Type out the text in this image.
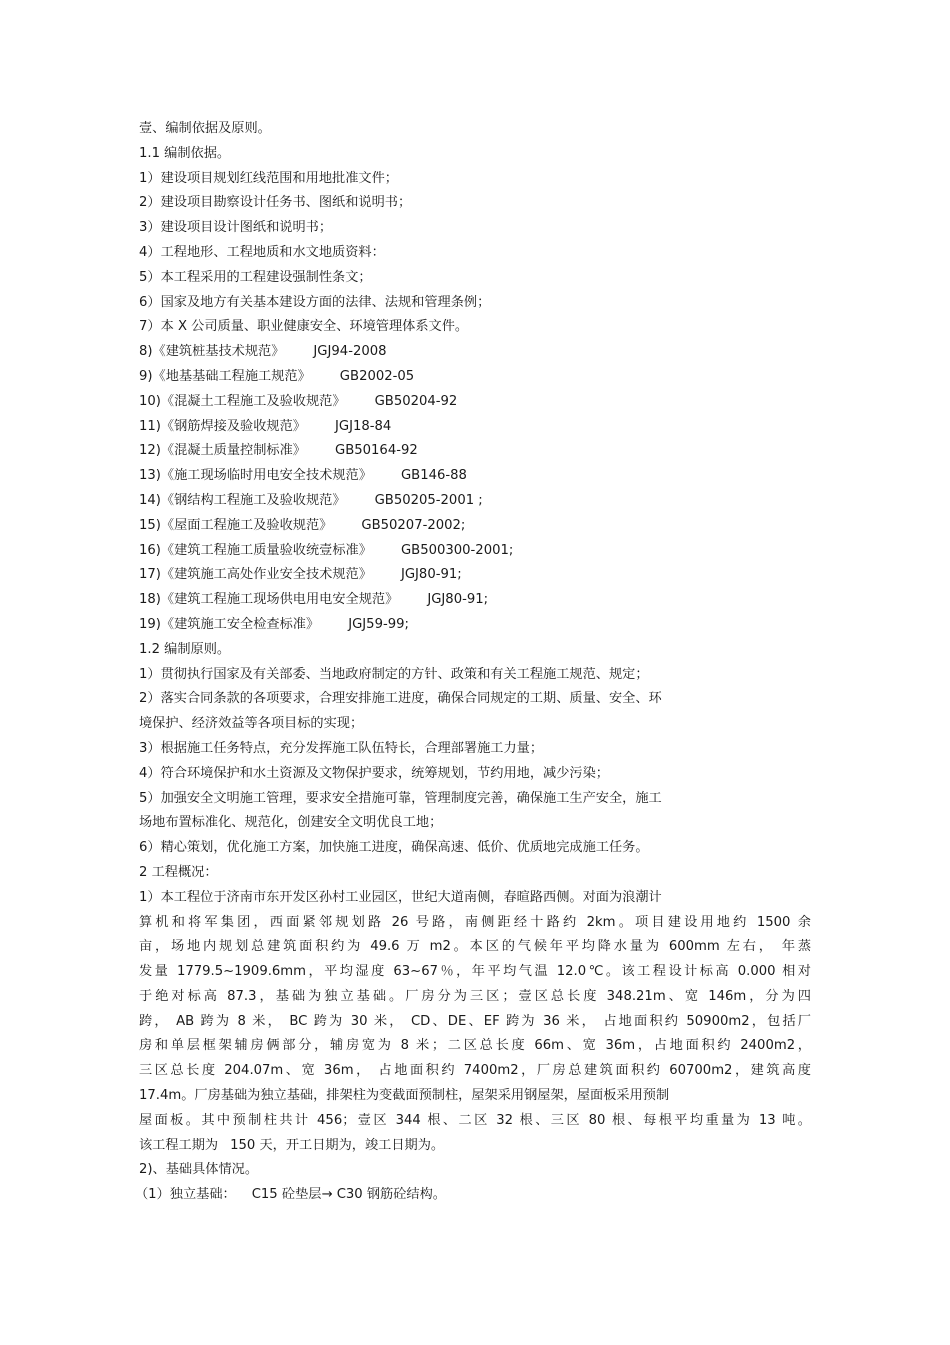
壹、编制依据及原则。
1.1 编制依据。
1）建设项目规划红线范围和用地批准文件；
2）建设项目勘察设计任务书、图纸和说明书；
3）建设项目设计图纸和说明书；
4）工程地形、工程地质和水文地质资料：
5）本工程采用的工程建设强制性条文；
6）国家及地方有关基本建设方面的法律、法规和管理条例；
7）本 X 公司质量、职业健康安全、环境管理体系文件。
8)《建筑桩基技术规范》 JGJ94-2008
9)《地基基础工程施工规范》 GB2002-05
10)《混凝土工程施工及验收规范》 GB50204-92
11)《钢筋焊接及验收规范》 JGJ18-84
12)《混凝土质量控制标准》 GB50164-92
13)《施工现场临时用电安全技术规范》 GB146-88
14)《钢结构工程施工及验收规范》 GB50205-2001 ;
15)《屋面工程施工及验收规范》 GB50207-2002;
16)《建筑工程施工质量验收统壹标准》 GB500300-2001;
17)《建筑施工高处作业安全技术规范》 JGJ80-91;
18)《建筑工程施工现场供电用电安全规范》 JGJ80-91;
19)《建筑施工安全检查标准》 JGJ59-99;
1.2 编制原则。
1）贯彻执行国家及有关部委、当地政府制定的方针、政策和有关工程施工规范、规定；
2）落实合同条款的各项要求，合理安排施工进度，确保合同规定的工期、质量、安全、环
境保护、经济效益等各项目标的实现；
3）根据施工任务特点，充分发挥施工队伍特长，合理部署施工力量；
4）符合环境保护和水土资源及文物保护要求，统筹规划，节约用地，减少污染；
5）加强安全文明施工管理，要求安全措施可靠，管理制度完善，确保施工生产安全，施工
场地布置标准化、规范化，创建安全文明优良工地；
6）精心策划，优化施工方案，加快施工进度，确保高速、低价、优质地完成施工任务。
2 工程概况：
1）本工程位于济南市东开发区孙村工业园区，世纪大道南侧，春暄路西侧。对面为浪潮计
算机和将军集团，西面紧邻规划路 26 号路，南侧距经十路约 2km。项目建设用地约 1500 余
亩，场地内规划总建筑面积约为 49.6 万 m2。本区的气候年平均降水量为 600mm 左右， 年蒸
发量 1779.5~1909.6mm，平均湿度 63~67％，年平均气温 12.0℃。该工程设计标高 0.000 相对
于绝对标高 87.3，基础为独立基础。厂房分为三区；壹区总长度 348.21m、宽 146m，分为四
跨， AB 跨为 8 米， BC 跨为 30 米， CD、DE、EF 跨为 36 米， 占地面积约 50900m2，包括厂
房和单层框架辅房俩部分，辅房宽为 8 米；二区总长度 66m、宽 36m，占地面积约 2400m2，
三区总长度 204.07m、宽 36m， 占地面积约 7400m2，厂房总建筑面积约 60700m2，建筑高度
17.4m。厂房基础为独立基础，排架柱为变截面预制柱，屋架采用钢屋架，屋面板采用预制
屋面板。其中预制柱共计 456；壹区 344 根、二区 32 根、三区 80 根、每根平均重量为 13 吨。
该工程工期为 150 天，开工日期为，竣工日期为。
2)、基础具体情况。
（1）独立基础： C15 砼垫层→ C30 钢筋砼结构。
